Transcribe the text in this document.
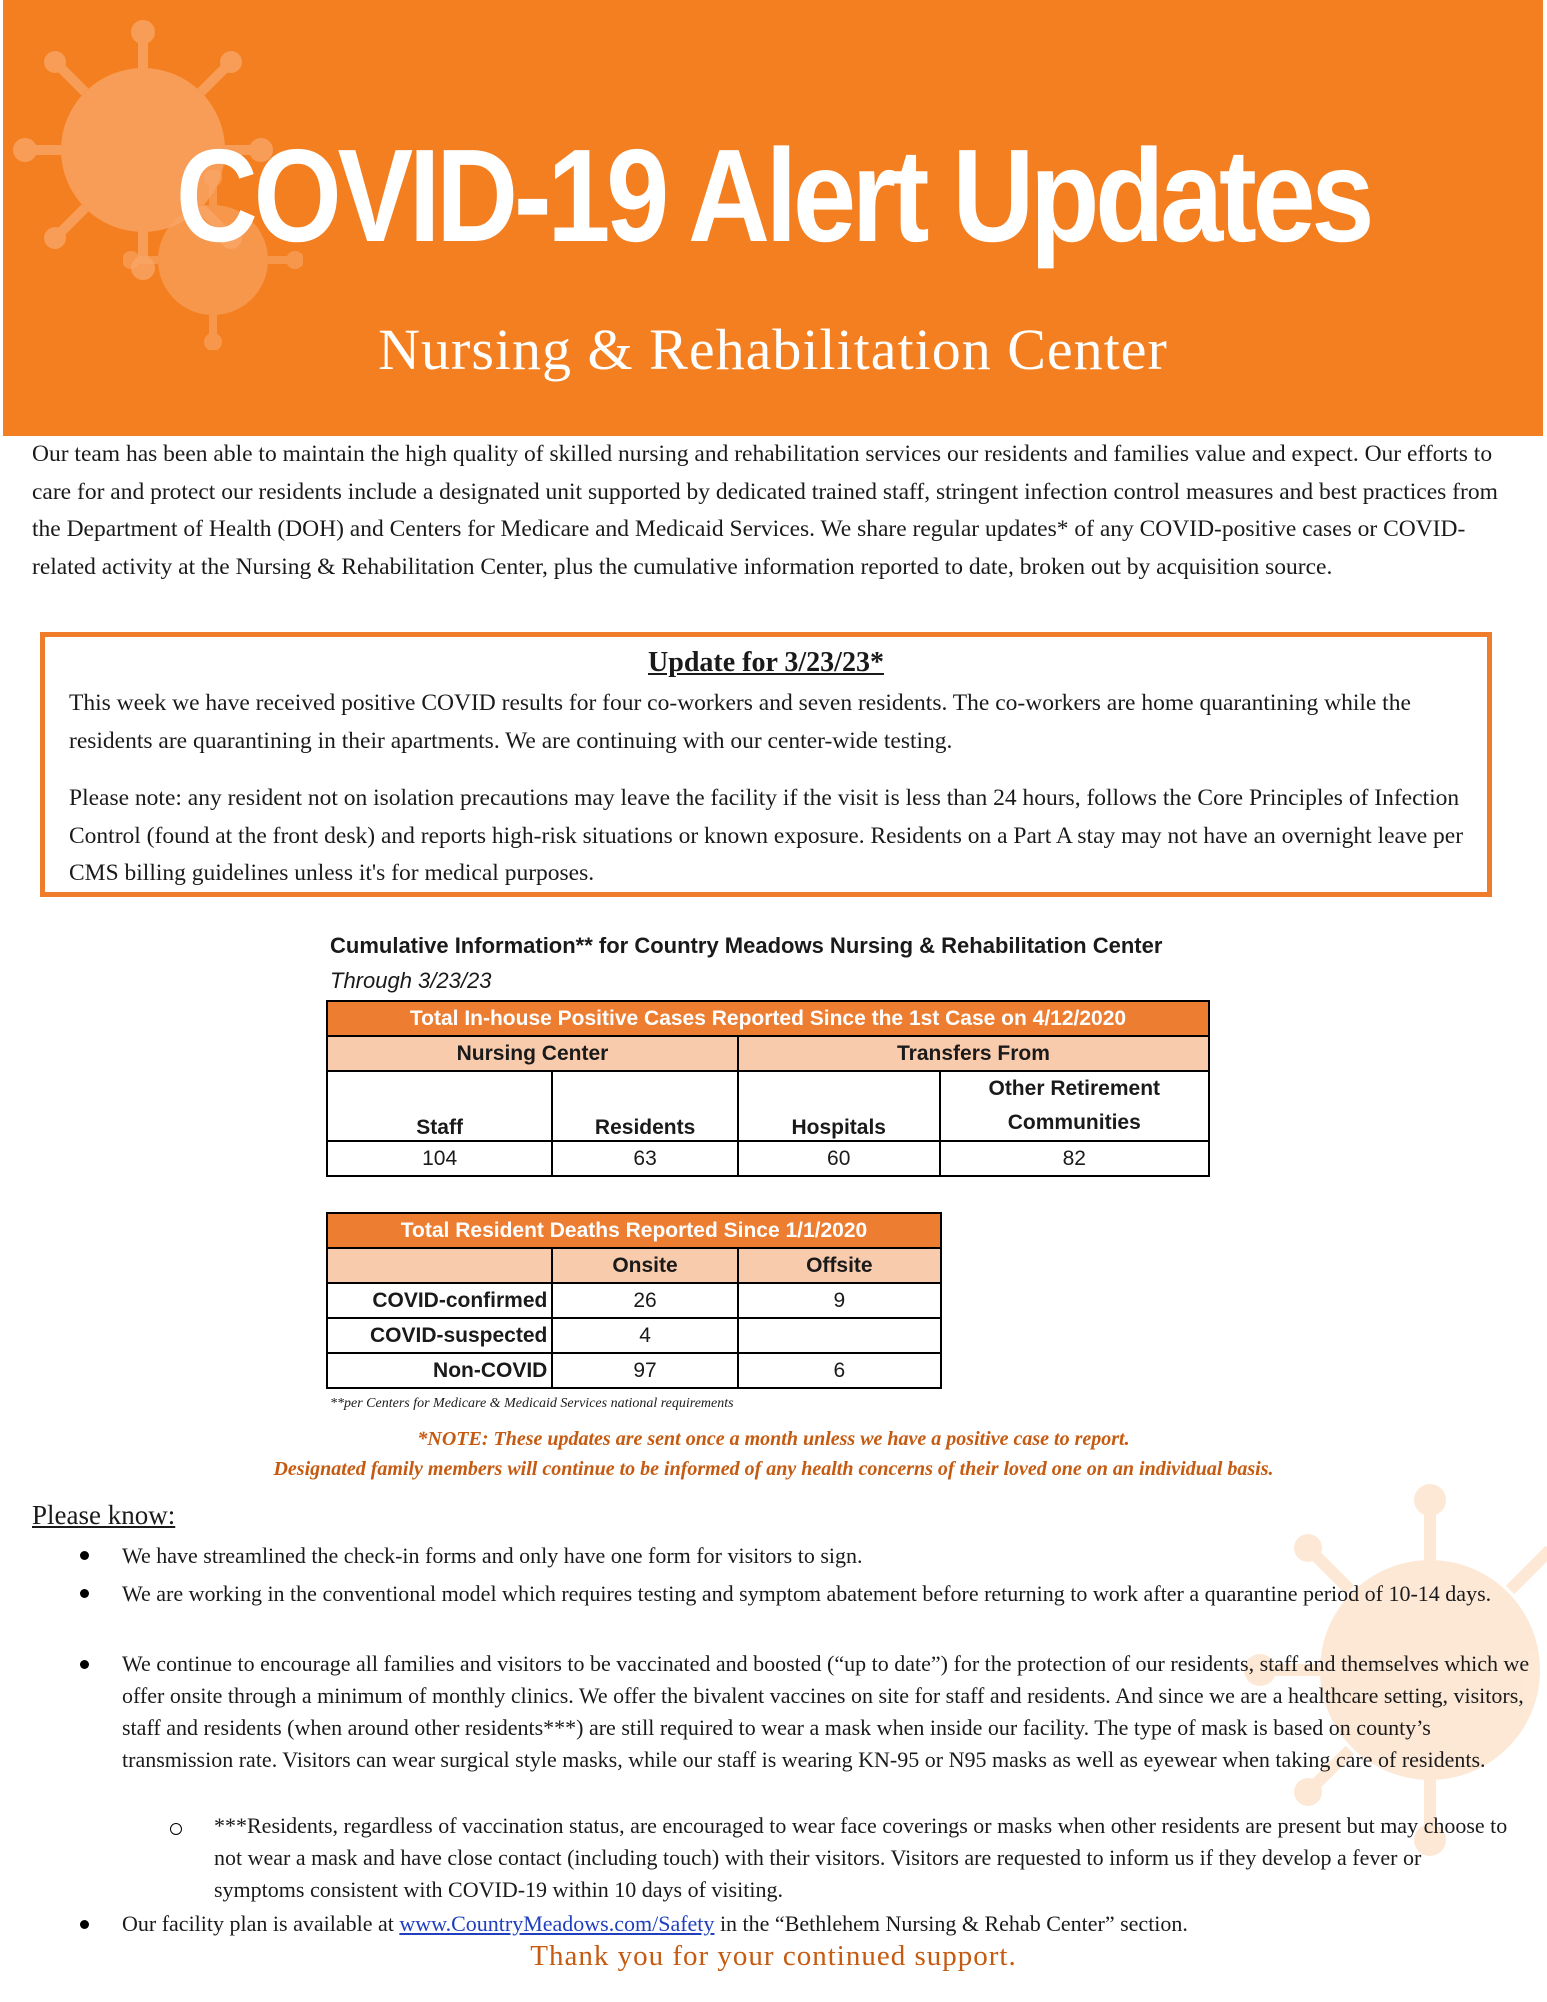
COVID-19 Alert Updates
Nursing & Rehabilitation Center
Our team has been able to maintain the high quality of skilled nursing and rehabilitation services our residents and families value and expect. Our efforts to care for and protect our residents include a designated unit supported by dedicated trained staff, stringent infection control measures and best practices from the Department of Health (DOH) and Centers for Medicare and Medicaid Services. We share regular updates* of any COVID-positive cases or COVID-related activity at the Nursing & Rehabilitation Center, plus the cumulative information reported to date, broken out by acquisition source.
Update for 3/23/23*
This week we have received positive COVID results for four co-workers and seven residents. The co-workers are home quarantining while the residents are quarantining in their apartments. We are continuing with our center-wide testing.
Please note: any resident not on isolation precautions may leave the facility if the visit is less than 24 hours, follows the Core Principles of Infection Control (found at the front desk) and reports high-risk situations or known exposure. Residents on a Part A stay may not have an overnight leave per CMS billing guidelines unless it's for medical purposes.
Cumulative Information** for Country Meadows Nursing & Rehabilitation Center
Through 3/23/23
Total In-house Positive Cases Reported Since the 1st Case on 4/12/2020			
Nursing Center		Transfers From	
Staff	Residents	Hospitals	Other Retirement Communities
104	63	60	82
Total Resident Deaths Reported Since 1/1/2020		
	Onsite	Offsite
COVID-confirmed	26	9
COVID-suspected	4	
Non-COVID	97	6
**per Centers for Medicare & Medicaid Services national requirements
*NOTE: These updates are sent once a month unless we have a positive case to report.
Designated family members will continue to be informed of any health concerns of their loved one on an individual basis.
Please know:
We have streamlined the check-in forms and only have one form for visitors to sign.
We are working in the conventional model which requires testing and symptom abatement before returning to work after a quarantine period of 10-14 days.
We continue to encourage all families and visitors to be vaccinated and boosted (“up to date”) for the protection of our residents, staff and themselves which we offer onsite through a minimum of monthly clinics. We offer the bivalent vaccines on site for staff and residents. And since we are a healthcare setting, visitors, staff and residents (when around other residents***) are still required to wear a mask when inside our facility. The type of mask is based on county’s transmission rate. Visitors can wear surgical style masks, while our staff is wearing KN-95 or N95 masks as well as eyewear when taking care of residents.
***Residents, regardless of vaccination status, are encouraged to wear face coverings or masks when other residents are present but may choose to not wear a mask and have close contact (including touch) with their visitors. Visitors are requested to inform us if they develop a fever or symptoms consistent with COVID-19 within 10 days of visiting.
Our facility plan is available at www.CountryMeadows.com/Safety in the “Bethlehem Nursing & Rehab Center” section.
Thank you for your continued support.
